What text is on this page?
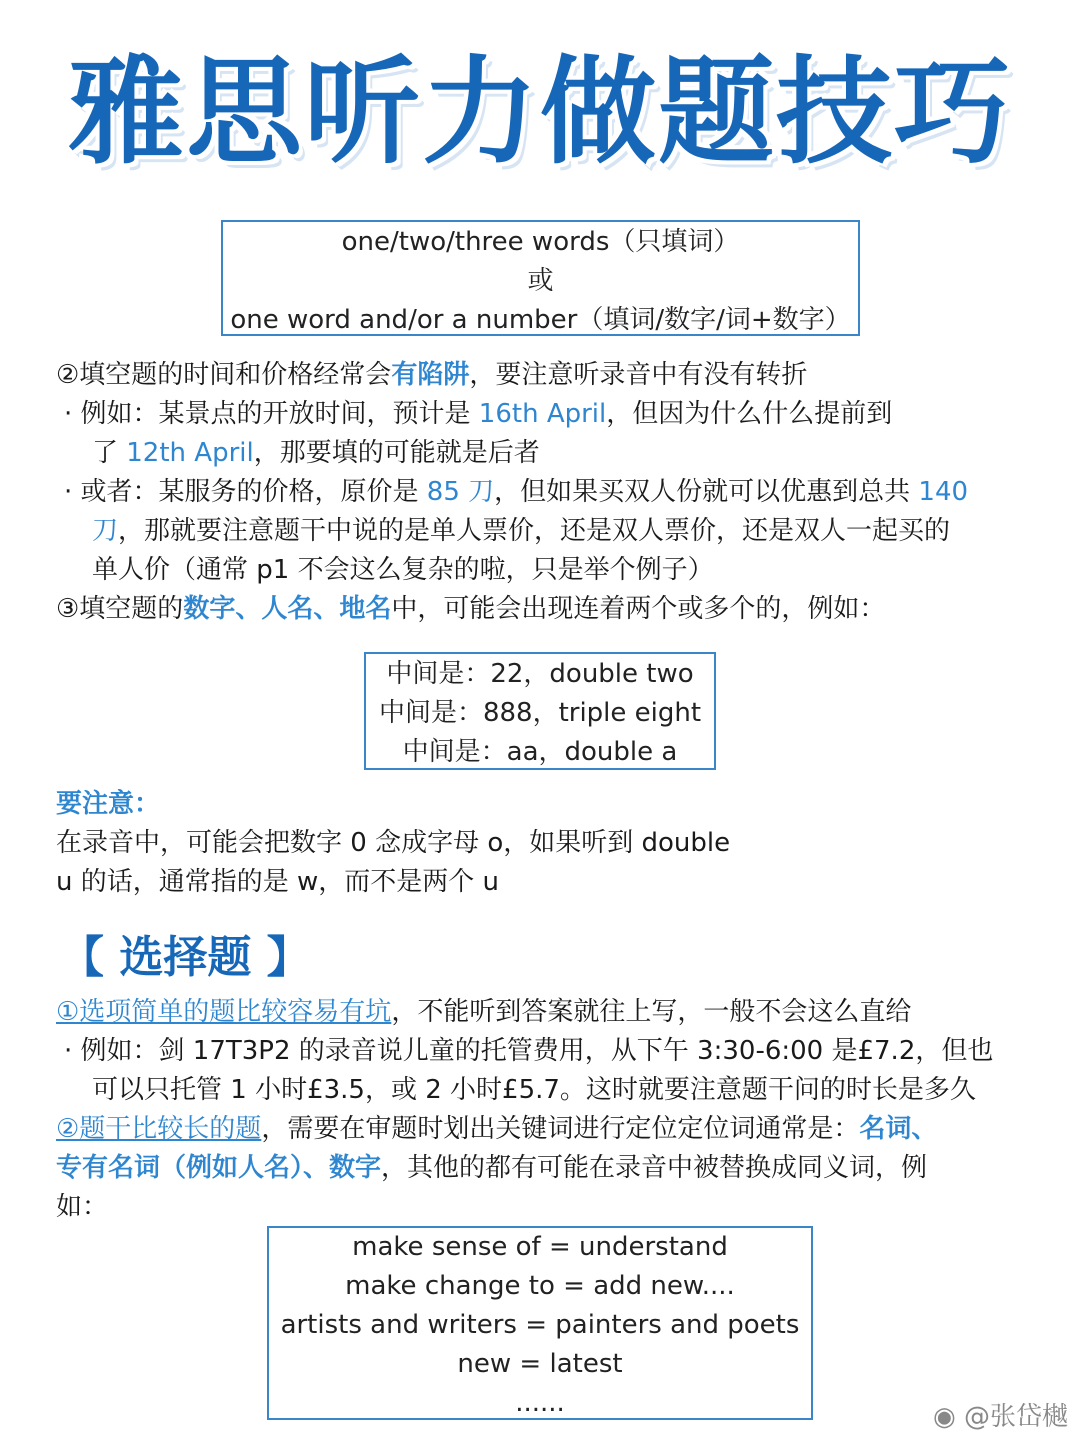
雅思听力做题技巧
one/two/three words（只填词）
或
one word and/or a number（填词/数字/词+数字）
②填空题的时间和价格经常会有陷阱，要注意听录音中有没有转折
· 例如：某景点的开放时间，预计是 16th April，但因为什么什么提前到
了 12th April，那要填的可能就是后者
· 或者：某服务的价格，原价是 85 刀，但如果买双人份就可以优惠到总共 140
刀，那就要注意题干中说的是单人票价，还是双人票价，还是双人一起买的
单人价（通常 p1 不会这么复杂的啦，只是举个例子）
③填空题的数字、人名、地名中，可能会出现连着两个或多个的，例如：
中间是：22，double two
中间是：888，triple eight
中间是：aa，double a
要注意：
在录音中，可能会把数字 0 念成字母 o，如果听到 double
u 的话，通常指的是 w，而不是两个 u
【 选择题 】
①选项简单的题比较容易有坑，不能听到答案就往上写，一般不会这么直给
· 例如：剑 17T3P2 的录音说儿童的托管费用，从下午 3:30-6:00 是£7.2，但也
可以只托管 1 小时£3.5，或 2 小时£5.7。这时就要注意题干问的时长是多久
②题干比较长的题，需要在审题时划出关键词进行定位定位词通常是：名词、
专有名词（例如人名）、数字，其他的都有可能在录音中被替换成同义词，例
如：
make sense of = understand
make change to = add new....
artists and writers = painters and poets
new = latest
......	◉ @张岱樾
